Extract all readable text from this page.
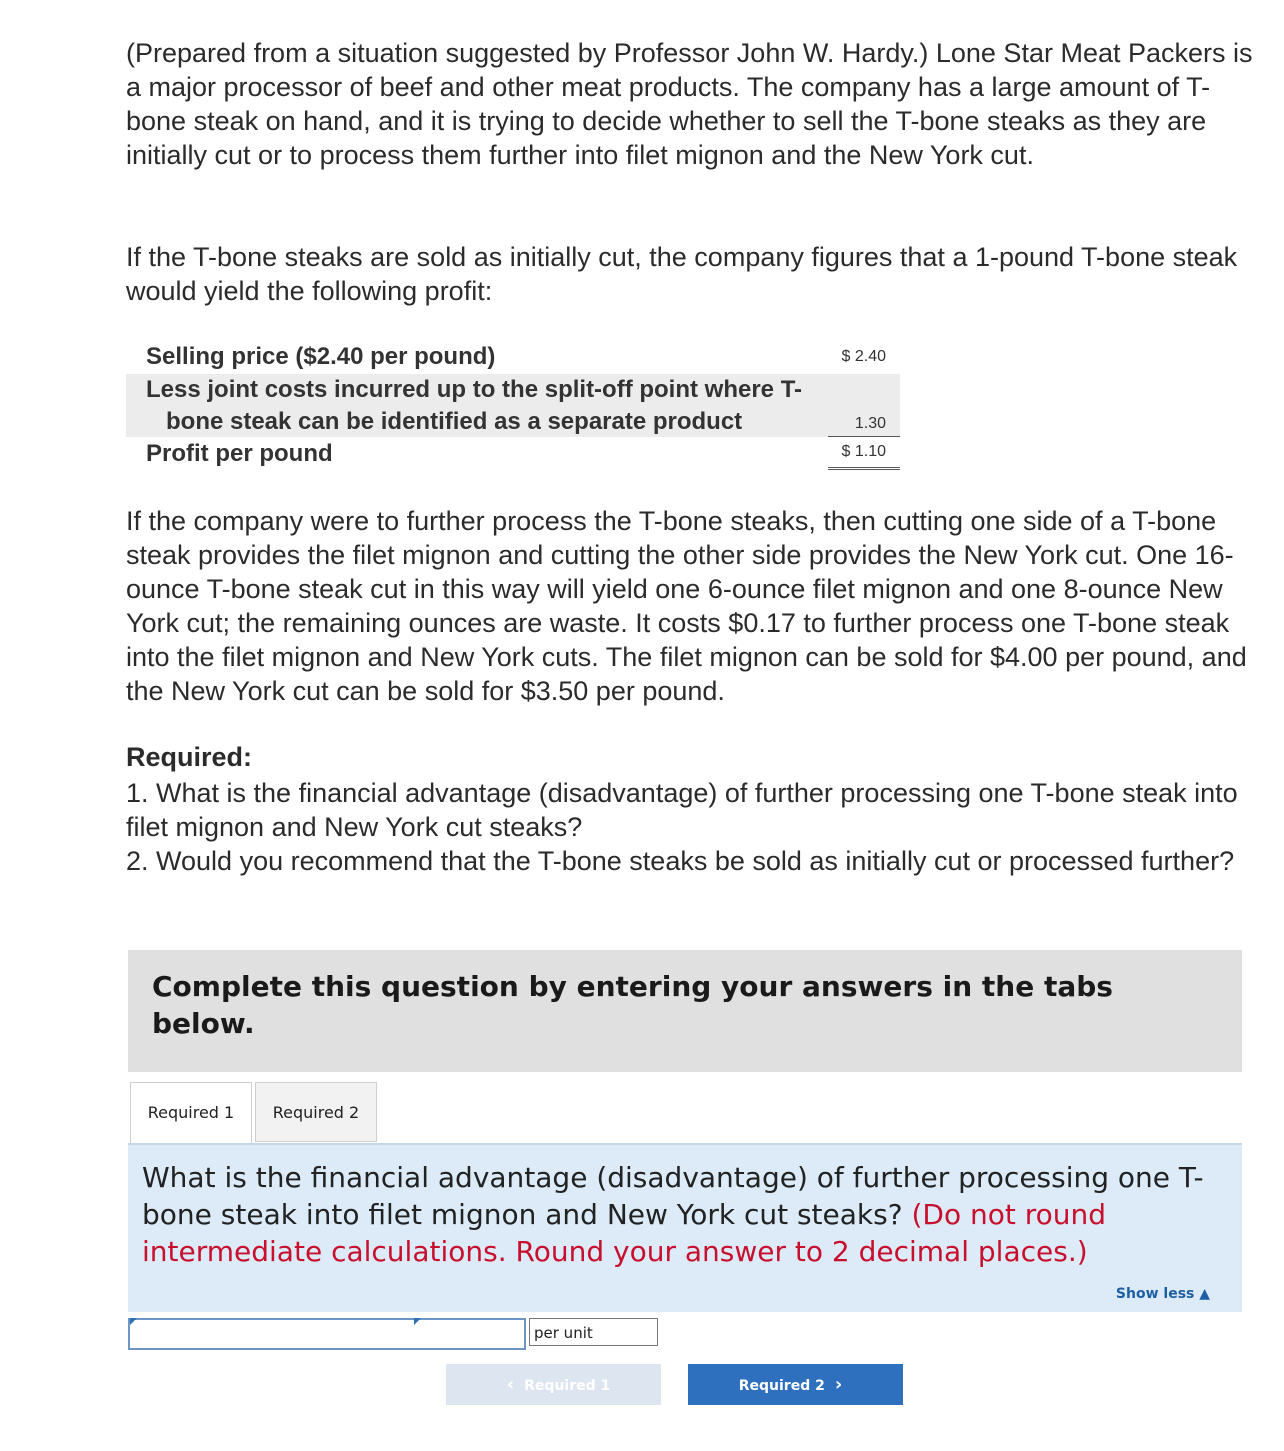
(Prepared from a situation suggested by Professor John W. Hardy.) Lone Star Meat Packers is a major processor of beef and other meat products. The company has a large amount of T-bone steak on hand, and it is trying to decide whether to sell the T-bone steaks as they are initially cut or to process them further into filet mignon and the New York cut.

If the T-bone steaks are sold as initially cut, the company figures that a 1-pound T-bone steak would yield the following profit:

Selling price ($2.40 per pound)	$ 2.40
Less joint costs incurred up to the split-off point where T-
bone steak can be identified as a separate product	1.30
Profit per pound	$ 1.10

If the company were to further process the T-bone steaks, then cutting one side of a T-bone steak provides the filet mignon and cutting the other side provides the New York cut. One 16-ounce T-bone steak cut in this way will yield one 6-ounce filet mignon and one 8-ounce New York cut; the remaining ounces are waste. It costs $0.17 to further process one T-bone steak into the filet mignon and New York cuts. The filet mignon can be sold for $4.00 per pound, and the New York cut can be sold for $3.50 per pound.

Required:
1. What is the financial advantage (disadvantage) of further processing one T-bone steak into filet mignon and New York cut steaks?
2. Would you recommend that the T-bone steaks be sold as initially cut or processed further?
Complete this question by entering your answers in the tabs below.
Required 1	Required 2
What is the financial advantage (disadvantage) of further processing one T-bone steak into filet mignon and New York cut steaks? (Do not round intermediate calculations. Round your answer to 2 decimal places.)
Show less ▲
per unit
‹ Required 1	Required 2 ›
